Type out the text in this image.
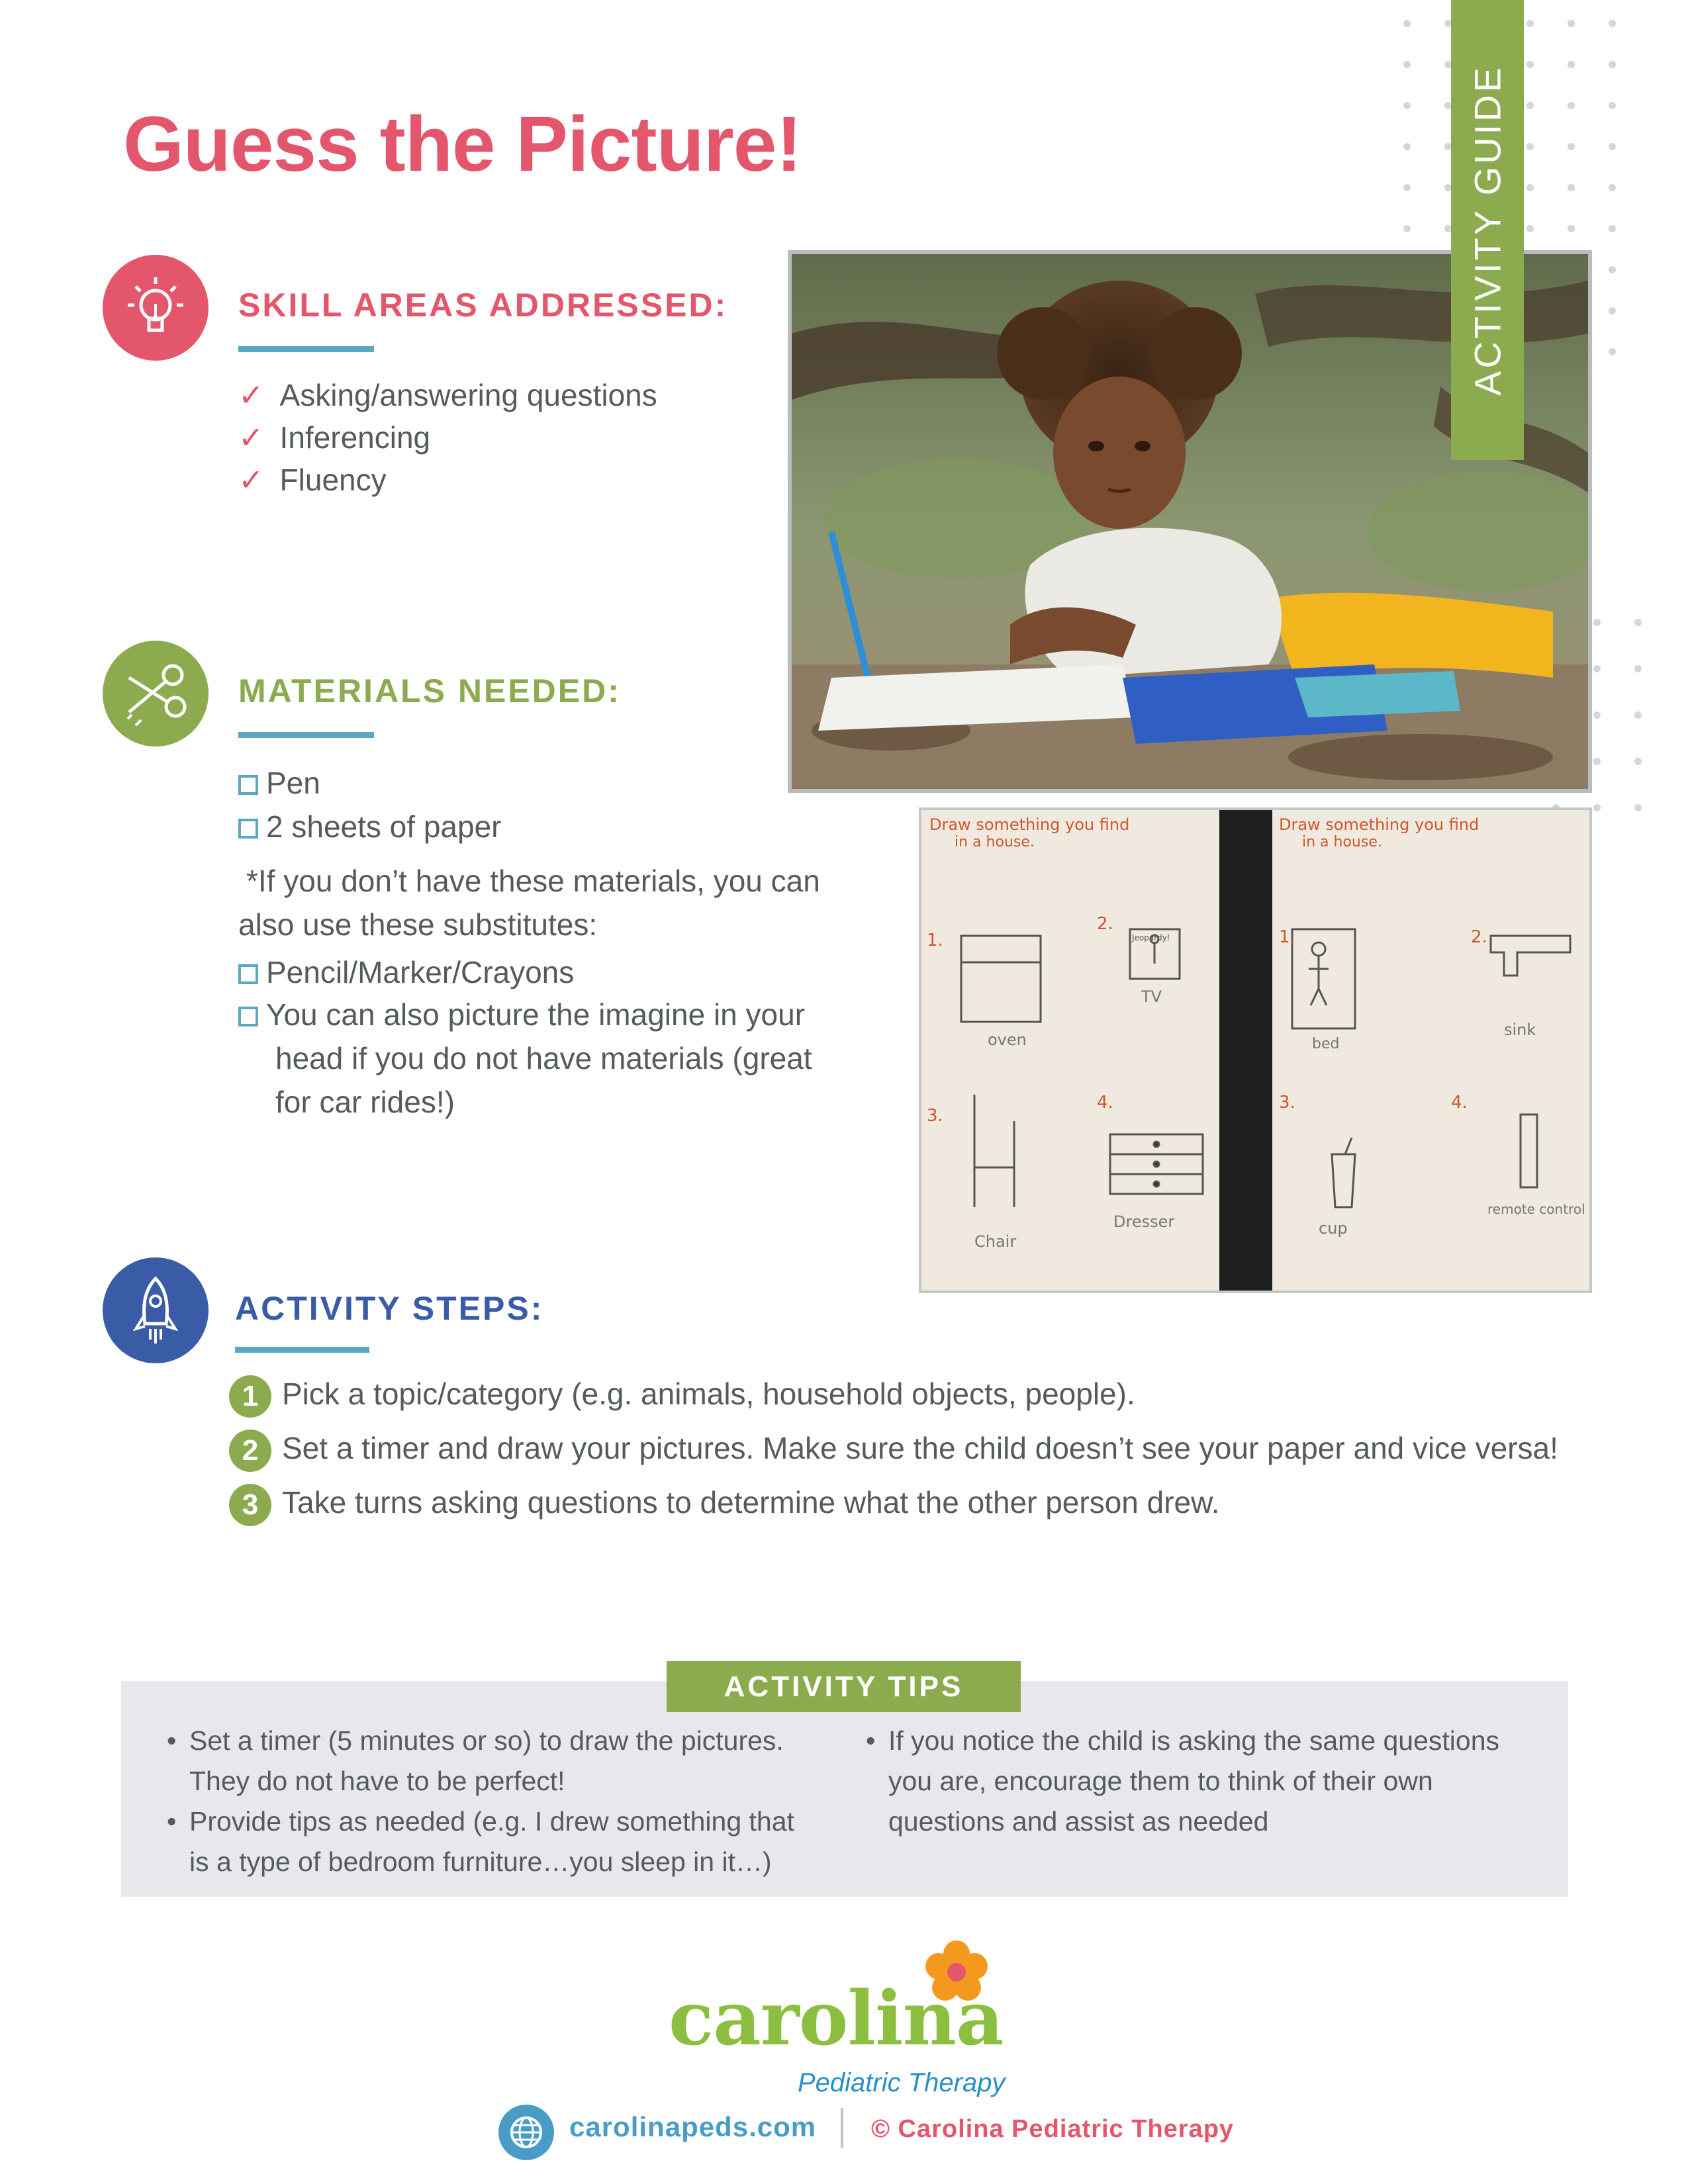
Guess the Picture!
Draw something you find
in a house.
Draw something you find
in a house.
1.
oven
2.
Jeopardy!
TV
3.
Chair
4.
Dresser
1.
bed
2.
sink
3.
cup
4.
remote control
ACTIVITY GUIDE
SKILL AREAS ADDRESSED:
✓ Asking/answering questions
✓ Inferencing
✓ Fluency
MATERIALS NEEDED:
Pen
2 sheets of paper
*If you don’t have these materials, you can
also use these substitutes:
Pencil/Marker/Crayons
You can also picture the imagine in your
head if you do not have materials (great
for car rides!)
ACTIVITY STEPS:
1 Pick a topic/category (e.g. animals, household objects, people).
2 Set a timer and draw your pictures. Make sure the child doesn’t see your paper and vice versa!
3 Take turns asking questions to determine what the other person drew.
ACTIVITY TIPS
• Set a timer (5 minutes or so) to draw the pictures.
They do not have to be perfect!
• Provide tips as needed (e.g. I drew something that
is a type of bedroom furniture…you sleep in it…)
• If you notice the child is asking the same questions
you are, encourage them to think of their own
questions and assist as needed
carolina
Pediatric Therapy
carolinapeds.com © Carolina Pediatric Therapy
